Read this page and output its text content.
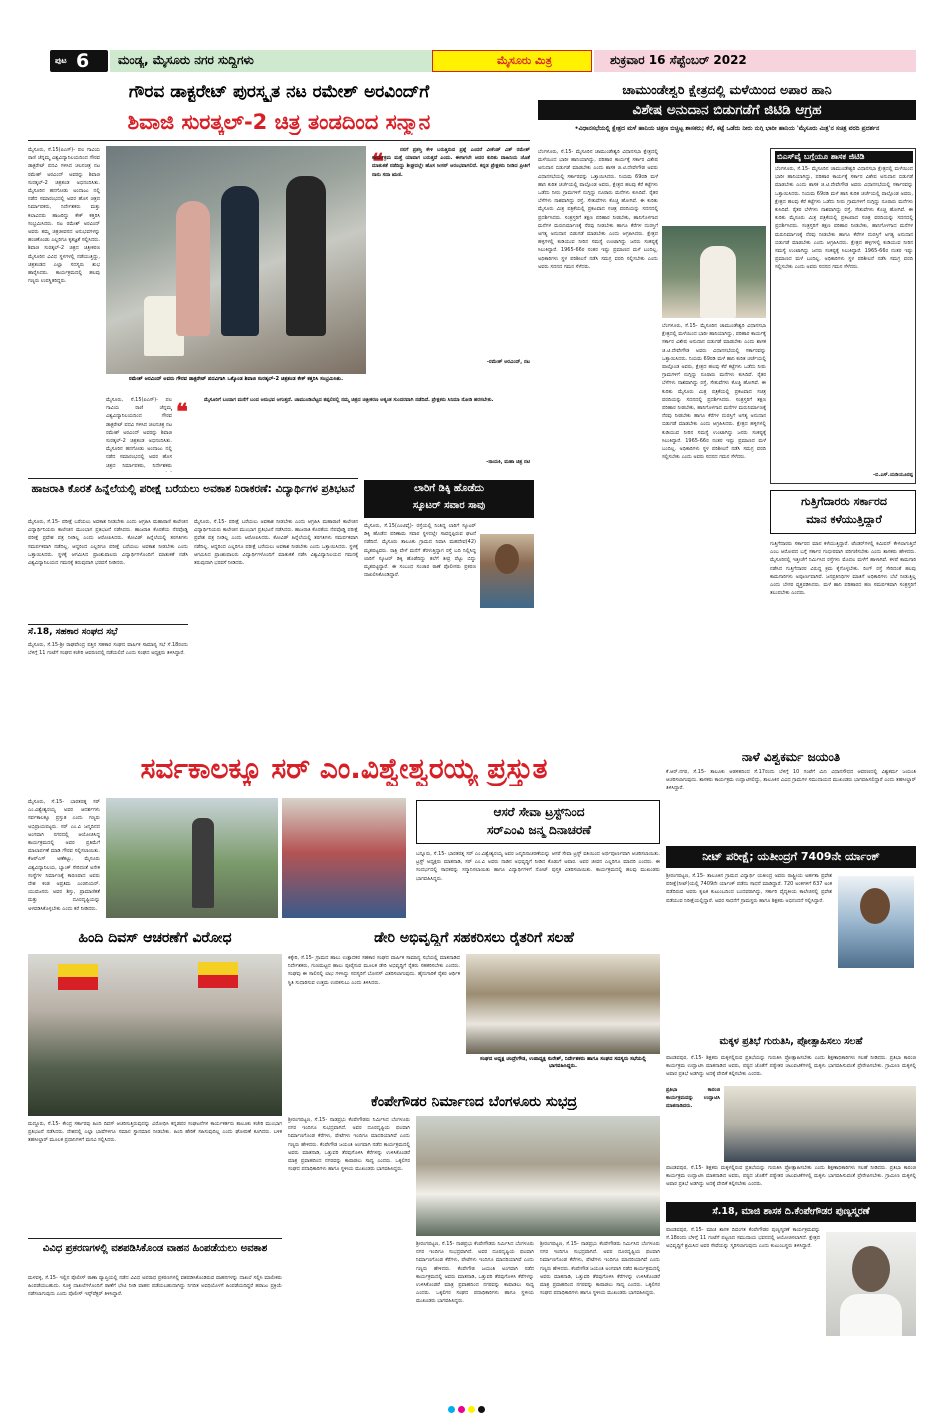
ಪುಟ 6 ಮಂಡ್ಯ, ಮೈಸೂರು ನಗರ ಸುದ್ದಿಗಳು	ಮೈಸೂರು ಮಿತ್ರ	ಶುಕ್ರವಾರ 16 ಸೆಪ್ಟೆಂಬರ್ 2022
ಗೌರವ ಡಾಕ್ಟರೇಟ್ ಪುರಸ್ಕೃತ ನಟ ರಮೇಶ್ ಅರವಿಂದ್‌ಗೆ
ಶಿವಾಜಿ ಸುರತ್ಕಲ್-2 ಚಿತ್ರ ತಂಡದಿಂದ ಸನ್ಮಾನ
ಮೈಸೂರು, ಸೆ.15(ಪಿಎಸ್)- ಪಲ ಗಾವಿಯ ರಾಣಿ ಚೆನ್ನಮ್ಮ ವಿಶ್ವವಿದ್ಯಾನಿಲಯದಿಂದ ಗೌರವ ಡಾಕ್ಟರೇಟ್ ಪದವಿ ಗಳಿಸಿದ ಚಲನಚಿತ್ರ ನಟ ರಮೇಶ್ ಅರವಿಂದ್ ಅವರನ್ನು ಶಿವಾಜಿ ಸುರತ್ಕಲ್-2 ಚಿತ್ರತಂಡ ಅಭಿನಂದಿಸಿತು. ಮೈಸೂರಿನ ಹನಗೋಡು ಅಂದಾಜು ನಲ್ಲಿ ನಡೆದ ಸಮಾರಂಭದಲ್ಲಿ ಅವರ ಹೊಸ ಚಿತ್ರದ ನಿರ್ಮಾಪಕರು, ನಿರ್ದೇಶಕರು ಮತ್ತು ಕಲಾವಿದರು ಹಾಜರಿದ್ದು ಕೇಕ್ ಕತ್ತರಿಸಿ ಸಂಭ್ರಮಿಸಿದರು. ನಟ ರಮೇಶ್ ಅರವಿಂದ್ ಅವರು ತಮ್ಮ ಚಿತ್ರಜೀವನದ ಅನುಭವಗಳನ್ನು ಹಂಚಿಕೊಂಡು ಎಲ್ಲರಿಗೂ ಕೃತಜ್ಞತೆ ಸಲ್ಲಿಸಿದರು. ಶಿವಾಜಿ ಸುರತ್ಕಲ್-2 ಚಿತ್ರದ ಚಿತ್ರೀಕರಣ ಮೈಸೂರಿನ ವಿವಿಧ ಸ್ಥಳಗಳಲ್ಲಿ ನಡೆಯುತ್ತಿದ್ದು, ಚಿತ್ರತಂಡದ ಎಲ್ಲಾ ಸದಸ್ಯರು ಶುಭ ಹಾರೈಸಿದರು. ಕಾರ್ಯಕ್ರಮದಲ್ಲಿ ಹಲವು ಗಣ್ಯರು ಉಪಸ್ಥಿತರಿದ್ದರು.
ರಮೇಶ್ ಅರವಿಂದ್ ಅವರು ಗೌರವ ಡಾಕ್ಟರೇಟ್ ಪದವಿಗಾಗಿ ಒಕ್ಕೊಂಡ ಶಿವಾಜಿ ಸುರತ್ಕಲ್-2 ಚಿತ್ರತಂಡ ಕೇಕ್ ಕತ್ತರಿಸಿ ಸಂಭ್ರಮಿಸಿತು.
❝	ನನಗೆ ಪ್ರಶಸ್ತಿ ಕೇಳಿ ಬರುತ್ತಿರುವ ಪ್ರಶ್ನೆ ಎಂದರೆ ವೀಕೆಂಡ್ ವಿತ್ ರಮೇಶ್ ಕಾರ್ಯಕ್ರಮ ಮತ್ತೆ ಯಾವಾಗ ಬರುತ್ತದೆ ಎಂದು. ಈಗಾಗಲೇ ಅದರ ಕುರಿತು ವಾಹಿನಿಯ ಜೊತೆ ಮಾತುಕತೆ ನಡೆದಿದ್ದು ಶೀಘ್ರದಲ್ಲೇ ಹೊಸ ಸೀಸನ್ ಆರಂಭವಾಗಲಿದೆ. ಕನ್ನಡ ಪ್ರೇಕ್ಷಕರು ನೀಡಿದ ಪ್ರೀತಿಗೆ ನಾನು ಸದಾ ಋಣಿ.
-ರಮೇಶ್ ಅರವಿಂದ್, ನಟ
❝	ಮೈಸೂರಿಗೆ ಬಂದಾಗ ಮನೆಗೆ ಬಂದ ಅನುಭವ ಆಗುತ್ತದೆ. ಚಾಮುಂಡಿಬೆಟ್ಟದ ತಪ್ಪಲಿನಲ್ಲಿ ನಮ್ಮ ಚಿತ್ರದ ಚಿತ್ರೀಕರಣ ಅತ್ಯಂತ ಸುಂದರವಾಗಿ ನಡೆದಿದೆ. ಪ್ರೇಕ್ಷಕರು ಸಿನಿಮಾ ನೋಡಿ ಹರಸಬೇಕು.
-ನಾಯಕಿ, ಮಹಾ ಚಿತ್ರ ನಟಿ
ಮೈಸೂರು, ಸೆ.15(ಪಿಎಸ್)- ಪಲ ಗಾವಿಯ ರಾಣಿ ಚೆನ್ನಮ್ಮ ವಿಶ್ವವಿದ್ಯಾನಿಲಯದಿಂದ ಗೌರವ ಡಾಕ್ಟರೇಟ್ ಪದವಿ ಗಳಿಸಿದ ಚಲನಚಿತ್ರ ನಟ ರಮೇಶ್ ಅರವಿಂದ್ ಅವರನ್ನು ಶಿವಾಜಿ ಸುರತ್ಕಲ್-2 ಚಿತ್ರತಂಡ ಅಭಿನಂದಿಸಿತು. ಮೈಸೂರಿನ ಹನಗೋಡು ಅಂದಾಜು ನಲ್ಲಿ ನಡೆದ ಸಮಾರಂಭದಲ್ಲಿ ಅವರ ಹೊಸ ಚಿತ್ರದ ನಿರ್ಮಾಪಕರು, ನಿರ್ದೇಶಕರು
ಚಾಮುಂಡೇಶ್ವರಿ ಕ್ಷೇತ್ರದಲ್ಲಿ ಮಳೆಯಿಂದ ಅಪಾರ ಹಾನಿ
ವಿಶೇಷ ಅನುದಾನ ಬಿಡುಗಡೆಗೆ ಜಿಟಿಡಿ ಆಗ್ರಹ
•ವಿಧಾನಸಭೆಯಲ್ಲಿ ಕ್ಷೇತ್ರದ ಮಳೆ ಹಾನಿಯ ಚಿತ್ರಣ ಬಿಚ್ಚಿಟ್ಟ ಶಾಸಕರು; ಕೆರೆ, ಕಟ್ಟೆ ಒಡೆದು ನೀರು ನುಗ್ಗಿ ಭಾರೀ ಹಾನಿಯ 'ಮೈಸೂರು ಮಿತ್ರ'ನ ಸಚಿತ್ರ ವರದಿ ಪ್ರದರ್ಶನ
ಬೆಂಗಳೂರು, ಸೆ.15- ಮೈಸೂರಿನ ಚಾಮುಂಡೇಶ್ವರಿ ವಿಧಾನಸಭಾ ಕ್ಷೇತ್ರದಲ್ಲಿ ಮಳೆಯಿಂದ ಭಾರೀ ಹಾನಿಯಾಗಿದ್ದು, ಪರಿಹಾರ ಕಾರ್ಯಕ್ಕೆ ಸರ್ಕಾರ ವಿಶೇಷ ಅನುದಾನ ಬಿಡುಗಡೆ ಮಾಡಬೇಕು ಎಂದು ಶಾಸಕ ಜಿ.ಟಿ.ದೇವೇಗೌಡ ಅವರು ವಿಧಾನಸಭೆಯಲ್ಲಿ ಸರ್ಕಾರವನ್ನು ಒತ್ತಾಯಿಸಿದರು. ನಿಯಮ 69ರಡಿ ಮಳೆ ಹಾನಿ ಕುರಿತ ಚರ್ಚೆಯಲ್ಲಿ ಪಾಲ್ಗೊಂಡ ಅವರು, ಕ್ಷೇತ್ರದ ಹಲವು ಕೆರೆ ಕಟ್ಟೆಗಳು ಒಡೆದು ನೀರು ಗ್ರಾಮಗಳಿಗೆ ನುಗ್ಗಿದ್ದು ನೂರಾರು ಮನೆಗಳು ಕುಸಿದಿವೆ. ರೈತರ ಬೆಳೆಗಳು ನಾಶವಾಗಿದ್ದು ರಸ್ತೆ, ಸೇತುವೆಗಳು ಕೊಚ್ಚಿ ಹೋಗಿವೆ. ಈ ಕುರಿತು ಮೈಸೂರು ಮಿತ್ರ ಪತ್ರಿಕೆಯಲ್ಲಿ ಪ್ರಕಟವಾದ ಸಚಿತ್ರ ವರದಿಯನ್ನು ಸದನದಲ್ಲಿ ಪ್ರದರ್ಶಿಸಿದರು. ಸಂತ್ರಸ್ತರಿಗೆ ತಕ್ಷಣ ಪರಿಹಾರ ನೀಡಬೇಕು, ಹಾನಿಗೊಳಗಾದ ಮನೆಗಳ ಮರುನಿರ್ಮಾಣಕ್ಕೆ ನೆರವು ನೀಡಬೇಕು ಹಾಗೂ ಕೆರೆಗಳ ದುರಸ್ತಿಗೆ ಅಗತ್ಯ ಅನುದಾನ ಬಿಡುಗಡೆ ಮಾಡಬೇಕು ಎಂದು ಆಗ್ರಹಿಸಿದರು. ಕ್ಷೇತ್ರದ ಹಳ್ಳಿಗಳಲ್ಲಿ ಕುಡಿಯುವ ನೀರಿನ ಸಮಸ್ಯೆ ಉಂಟಾಗಿದ್ದು ಜನರು ಸಂಕಷ್ಟಕ್ಕೆ ಸಿಲುಕಿದ್ದಾರೆ. 1965-66ರ ನಂತರ ಇಷ್ಟು ಪ್ರಮಾಣದ ಮಳೆ ಬಂದಿಲ್ಲ. ಅಧಿಕಾರಿಗಳು ಸ್ಥಳ ಪರಿಶೀಲನೆ ನಡೆಸಿ ಸಮಗ್ರ ವರದಿ ಸಲ್ಲಿಸಬೇಕು ಎಂದು ಅವರು ಸದನದ ಗಮನ ಸೆಳೆದರು.
ಬಿಎಸ್‌ವೈ ಬಗ್ಗೆಯೂ ಶಾಸಕ ಜಿಟಿಡಿ
ಬೆಂಗಳೂರು, ಸೆ.15- ಮೈಸೂರಿನ ಚಾಮುಂಡೇಶ್ವರಿ ವಿಧಾನಸಭಾ ಕ್ಷೇತ್ರದಲ್ಲಿ ಮಳೆಯಿಂದ ಭಾರೀ ಹಾನಿಯಾಗಿದ್ದು, ಪರಿಹಾರ ಕಾರ್ಯಕ್ಕೆ ಸರ್ಕಾರ ವಿಶೇಷ ಅನುದಾನ ಬಿಡುಗಡೆ ಮಾಡಬೇಕು ಎಂದು ಶಾಸಕ ಜಿ.ಟಿ.ದೇವೇಗೌಡ ಅವರು ವಿಧಾನಸಭೆಯಲ್ಲಿ ಸರ್ಕಾರವನ್ನು ಒತ್ತಾಯಿಸಿದರು. ನಿಯಮ 69ರಡಿ ಮಳೆ ಹಾನಿ ಕುರಿತ ಚರ್ಚೆಯಲ್ಲಿ ಪಾಲ್ಗೊಂಡ ಅವರು, ಕ್ಷೇತ್ರದ ಹಲವು ಕೆರೆ ಕಟ್ಟೆಗಳು ಒಡೆದು ನೀರು ಗ್ರಾಮಗಳಿಗೆ ನುಗ್ಗಿದ್ದು ನೂರಾರು ಮನೆಗಳು ಕುಸಿದಿವೆ. ರೈತರ ಬೆಳೆಗಳು ನಾಶವಾಗಿದ್ದು ರಸ್ತೆ, ಸೇತುವೆಗಳು ಕೊಚ್ಚಿ ಹೋಗಿವೆ. ಈ ಕುರಿತು ಮೈಸೂರು ಮಿತ್ರ ಪತ್ರಿಕೆಯಲ್ಲಿ ಪ್ರಕಟವಾದ ಸಚಿತ್ರ ವರದಿಯನ್ನು ಸದನದಲ್ಲಿ ಪ್ರದರ್ಶಿಸಿದರು. ಸಂತ್ರಸ್ತರಿಗೆ ತಕ್ಷಣ ಪರಿಹಾರ ನೀಡಬೇಕು, ಹಾನಿಗೊಳಗಾದ ಮನೆಗಳ ಮರುನಿರ್ಮಾಣಕ್ಕೆ ನೆರವು ನೀಡಬೇಕು ಹಾಗೂ ಕೆರೆಗಳ ದುರಸ್ತಿಗೆ ಅಗತ್ಯ ಅನುದಾನ ಬಿಡುಗಡೆ ಮಾಡಬೇಕು ಎಂದು ಆಗ್ರಹಿಸಿದರು. ಕ್ಷೇತ್ರದ ಹಳ್ಳಿಗಳಲ್ಲಿ ಕುಡಿಯುವ ನೀರಿನ ಸಮಸ್ಯೆ ಉಂಟಾಗಿದ್ದು ಜನರು ಸಂಕಷ್ಟಕ್ಕೆ ಸಿಲುಕಿದ್ದಾರೆ. 1965-66ರ ನಂತರ ಇಷ್ಟು ಪ್ರಮಾಣದ ಮಳೆ ಬಂದಿಲ್ಲ. ಅಧಿಕಾರಿಗಳು ಸ್ಥಳ ಪರಿಶೀಲನೆ ನಡೆಸಿ ಸಮಗ್ರ ವರದಿ ಸಲ್ಲಿಸಬೇಕು ಎಂದು ಅವರು ಸದನದ ಗಮನ ಸೆಳೆದರು.
-ಬಿ.ಎಸ್.ಯಡಿಯೂರಪ್ಪ
ಬೆಂಗಳೂರು, ಸೆ.15- ಮೈಸೂರಿನ ಚಾಮುಂಡೇಶ್ವರಿ ವಿಧಾನಸಭಾ ಕ್ಷೇತ್ರದಲ್ಲಿ ಮಳೆಯಿಂದ ಭಾರೀ ಹಾನಿಯಾಗಿದ್ದು, ಪರಿಹಾರ ಕಾರ್ಯಕ್ಕೆ ಸರ್ಕಾರ ವಿಶೇಷ ಅನುದಾನ ಬಿಡುಗಡೆ ಮಾಡಬೇಕು ಎಂದು ಶಾಸಕ ಜಿ.ಟಿ.ದೇವೇಗೌಡ ಅವರು ವಿಧಾನಸಭೆಯಲ್ಲಿ ಸರ್ಕಾರವನ್ನು ಒತ್ತಾಯಿಸಿದರು. ನಿಯಮ 69ರಡಿ ಮಳೆ ಹಾನಿ ಕುರಿತ ಚರ್ಚೆಯಲ್ಲಿ ಪಾಲ್ಗೊಂಡ ಅವರು, ಕ್ಷೇತ್ರದ ಹಲವು ಕೆರೆ ಕಟ್ಟೆಗಳು ಒಡೆದು ನೀರು ಗ್ರಾಮಗಳಿಗೆ ನುಗ್ಗಿದ್ದು ನೂರಾರು ಮನೆಗಳು ಕುಸಿದಿವೆ. ರೈತರ ಬೆಳೆಗಳು ನಾಶವಾಗಿದ್ದು ರಸ್ತೆ, ಸೇತುವೆಗಳು ಕೊಚ್ಚಿ ಹೋಗಿವೆ. ಈ ಕುರಿತು ಮೈಸೂರು ಮಿತ್ರ ಪತ್ರಿಕೆಯಲ್ಲಿ ಪ್ರಕಟವಾದ ಸಚಿತ್ರ ವರದಿಯನ್ನು ಸದನದಲ್ಲಿ ಪ್ರದರ್ಶಿಸಿದರು. ಸಂತ್ರಸ್ತರಿಗೆ ತಕ್ಷಣ ಪರಿಹಾರ ನೀಡಬೇಕು, ಹಾನಿಗೊಳಗಾದ ಮನೆಗಳ ಮರುನಿರ್ಮಾಣಕ್ಕೆ ನೆರವು ನೀಡಬೇಕು ಹಾಗೂ ಕೆರೆಗಳ ದುರಸ್ತಿಗೆ ಅಗತ್ಯ ಅನುದಾನ ಬಿಡುಗಡೆ ಮಾಡಬೇಕು ಎಂದು ಆಗ್ರಹಿಸಿದರು. ಕ್ಷೇತ್ರದ ಹಳ್ಳಿಗಳಲ್ಲಿ ಕುಡಿಯುವ ನೀರಿನ ಸಮಸ್ಯೆ ಉಂಟಾಗಿದ್ದು ಜನರು ಸಂಕಷ್ಟಕ್ಕೆ ಸಿಲುಕಿದ್ದಾರೆ. 1965-66ರ ನಂತರ ಇಷ್ಟು ಪ್ರಮಾಣದ ಮಳೆ ಬಂದಿಲ್ಲ. ಅಧಿಕಾರಿಗಳು ಸ್ಥಳ ಪರಿಶೀಲನೆ ನಡೆಸಿ ಸಮಗ್ರ ವರದಿ ಸಲ್ಲಿಸಬೇಕು ಎಂದು ಅವರು ಸದನದ ಗಮನ ಸೆಳೆದರು.
ಗುತ್ತಿಗೆದಾರರು ಸರ್ಕಾರದ
ಮಾನ ಕಳೆಯುತ್ತಿದ್ದಾರೆ
ಗುತ್ತಿಗೆದಾರರು ಸರ್ಕಾರದ ಮಾನ ಕಳೆಯುತ್ತಿದ್ದಾರೆ. ಟೆಂಡರ್‌ಗಳಲ್ಲಿ ಕಮಿಷನ್ ಕೇಳಲಾಗುತ್ತಿದೆ ಎಂಬ ಆರೋಪದ ಬಗ್ಗೆ ಸರ್ಕಾರ ಗಂಭೀರವಾಗಿ ಪರಿಗಣಿಸಬೇಕು ಎಂದು ಶಾಸಕರು ಹೇಳಿದರು. ಮೈಸೂರಿನಲ್ಲಿ ಇತ್ತೀಚೆಗೆ ನಿರ್ಮಿಸಿದ ರಸ್ತೆಗಳು ಮೊದಲ ಮಳೆಗೆ ಹಾಳಾಗಿವೆ. ಕಳಪೆ ಕಾಮಗಾರಿ ನಡೆಸಿದ ಗುತ್ತಿಗೆದಾರರ ವಿರುದ್ಧ ಕ್ರಮ ಕೈಗೊಳ್ಳಬೇಕು. ರಿಂಗ್ ರಸ್ತೆ ಸೇರಿದಂತೆ ಹಲವು ಕಾಮಗಾರಿಗಳು ಅಪೂರ್ಣವಾಗಿವೆ. ಜನಪ್ರತಿನಿಧಿಗಳ ಮಾತಿಗೆ ಅಧಿಕಾರಿಗಳು ಬೆಲೆ ನೀಡುತ್ತಿಲ್ಲ ಎಂದು ಬೇಸರ ವ್ಯಕ್ತಪಡಿಸಿದರು. ಮಳೆ ಹಾನಿ ಪರಿಹಾರದ ಹಣ ಸಮರ್ಪಕವಾಗಿ ಸಂತ್ರಸ್ತರಿಗೆ ತಲುಪಬೇಕು ಎಂದರು.
ಹಾಜರಾತಿ ಕೊರತೆ ಹಿನ್ನೆಲೆಯಲ್ಲಿ ಪರೀಕ್ಷೆ ಬರೆಯಲು ಅವಕಾಶ ನಿರಾಕರಣೆ: ವಿದ್ಯಾರ್ಥಿಗಳ ಪ್ರತಿಭಟನೆ
ಮೈಸೂರು, ಸೆ.15- ಪರೀಕ್ಷೆ ಬರೆಯಲು ಅವಕಾಶ ನೀಡಬೇಕು ಎಂದು ಆಗ್ರಹಿಸಿ ಮಹಾರಾಣಿ ಕಾಲೇಜಿನ ವಿದ್ಯಾರ್ಥಿನಿಯರು ಕಾಲೇಜಿನ ಮುಂಭಾಗ ಪ್ರತಿಭಟನೆ ನಡೆಸಿದರು. ಹಾಜರಾತಿ ಕೊರತೆಯ ನೆಪವೊಡ್ಡಿ ಪರೀಕ್ಷೆ ಪ್ರವೇಶ ಪತ್ರ ನೀಡಿಲ್ಲ ಎಂದು ಆರೋಪಿಸಿದರು. ಕೋವಿಡ್ ಹಿನ್ನೆಲೆಯಲ್ಲಿ ತರಗತಿಗಳು ಸಮರ್ಪಕವಾಗಿ ನಡೆದಿಲ್ಲ. ಆದ್ದರಿಂದ ಎಲ್ಲರಿಗೂ ಪರೀಕ್ಷೆ ಬರೆಯಲು ಅವಕಾಶ ನೀಡಬೇಕು ಎಂದು ಒತ್ತಾಯಿಸಿದರು. ಸ್ಥಳಕ್ಕೆ ಆಗಮಿಸಿದ ಪ್ರಾಂಶುಪಾಲರು ವಿದ್ಯಾರ್ಥಿಗಳೊಂದಿಗೆ ಮಾತುಕತೆ ನಡೆಸಿ ವಿಶ್ವವಿದ್ಯಾನಿಲಯದ ಗಮನಕ್ಕೆ ತರುವುದಾಗಿ ಭರವಸೆ ನೀಡಿದರು.
ಮೈಸೂರು, ಸೆ.15- ಪರೀಕ್ಷೆ ಬರೆಯಲು ಅವಕಾಶ ನೀಡಬೇಕು ಎಂದು ಆಗ್ರಹಿಸಿ ಮಹಾರಾಣಿ ಕಾಲೇಜಿನ ವಿದ್ಯಾರ್ಥಿನಿಯರು ಕಾಲೇಜಿನ ಮುಂಭಾಗ ಪ್ರತಿಭಟನೆ ನಡೆಸಿದರು. ಹಾಜರಾತಿ ಕೊರತೆಯ ನೆಪವೊಡ್ಡಿ ಪರೀಕ್ಷೆ ಪ್ರವೇಶ ಪತ್ರ ನೀಡಿಲ್ಲ ಎಂದು ಆರೋಪಿಸಿದರು. ಕೋವಿಡ್ ಹಿನ್ನೆಲೆಯಲ್ಲಿ ತರಗತಿಗಳು ಸಮರ್ಪಕವಾಗಿ ನಡೆದಿಲ್ಲ. ಆದ್ದರಿಂದ ಎಲ್ಲರಿಗೂ ಪರೀಕ್ಷೆ ಬರೆಯಲು ಅವಕಾಶ ನೀಡಬೇಕು ಎಂದು ಒತ್ತಾಯಿಸಿದರು. ಸ್ಥಳಕ್ಕೆ ಆಗಮಿಸಿದ ಪ್ರಾಂಶುಪಾಲರು ವಿದ್ಯಾರ್ಥಿಗಳೊಂದಿಗೆ ಮಾತುಕತೆ ನಡೆಸಿ ವಿಶ್ವವಿದ್ಯಾನಿಲಯದ ಗಮನಕ್ಕೆ ತರುವುದಾಗಿ ಭರವಸೆ ನೀಡಿದರು.
ಸೆ.18, ಸಹಕಾರ ಸಂಘದ ಸಭೆ
ಮೈಸೂರು, ಸೆ.15-ಶ್ರೀ ರಾಘವೇಂದ್ರ ಪತ್ತಿನ ಸಹಕಾರ ಸಂಘದ ವಾರ್ಷಿಕ ಸಾಮಾನ್ಯ ಸಭೆ ಸೆ.18ರಂದು ಬೆಳಿಗ್ಗೆ 11 ಗಂಟೆಗೆ ಸಂಘದ ಕಚೇರಿ ಆವರಣದಲ್ಲಿ ನಡೆಯಲಿದೆ ಎಂದು ಸಂಘದ ಅಧ್ಯಕ್ಷರು ತಿಳಿಸಿದ್ದಾರೆ.
ಲಾರಿಗೆ ಡಿಕ್ಕಿ ಹೊಡೆದು
ಸ್ಕೂಟರ್ ಸವಾರ ಸಾವು
ಮೈಸೂರು, ಸೆ.15(ಎಂಟಿವೈ)- ರಸ್ತೆಯಲ್ಲಿ ನಿಂತಿದ್ದ ಲಾರಿಗೆ ಸ್ಕೂಟರ್ ಡಿಕ್ಕಿ ಹೊಡೆದ ಪರಿಣಾಮ ಸವಾರ ಸ್ಥಳದಲ್ಲೇ ಸಾವನ್ನಪ್ಪಿರುವ ಘಟನೆ ನಡೆದಿದೆ. ಮೈಸೂರು ತಾಲೂಕು ಗ್ರಾಮದ ನಿವಾಸಿ ಮಹದೇವ(42) ಮೃತಪಟ್ಟವರು. ರಾತ್ರಿ ವೇಳೆ ಮನೆಗೆ ತೆರಳುತ್ತಿದ್ದಾಗ ರಸ್ತೆ ಬದಿ ನಿಲ್ಲಿಸಿದ್ದ ಲಾರಿಗೆ ಸ್ಕೂಟರ್ ಡಿಕ್ಕಿ ಹೊಡೆದಿದ್ದು ತಲೆಗೆ ತೀವ್ರ ಪೆಟ್ಟು ಬಿದ್ದು ಮೃತಪಟ್ಟಿದ್ದಾರೆ. ಈ ಸಂಬಂಧ ಸಂಚಾರ ಠಾಣೆ ಪೊಲೀಸರು ಪ್ರಕರಣ ದಾಖಲಿಸಿಕೊಂಡಿದ್ದಾರೆ.
ಸರ್ವಕಾಲಕ್ಕೂ ಸರ್ ಎಂ.ವಿಶ್ವೇಶ್ವರಯ್ಯ ಪ್ರಸ್ತುತ
ಮೈಸೂರು, ಸೆ.15- ಭಾರತರತ್ನ ಸರ್ ಎಂ.ವಿಶ್ವೇಶ್ವರಯ್ಯ ಅವರ ಆದರ್ಶಗಳು ಸರ್ವಕಾಲಕ್ಕೂ ಪ್ರಸ್ತುತ ಎಂದು ಗಣ್ಯರು ಅಭಿಪ್ರಾಯಪಟ್ಟರು. ಸರ್ ಎಂ.ವಿ ಜನ್ಮದಿನದ ಅಂಗವಾಗಿ ನಗರದಲ್ಲಿ ಆಯೋಜಿಸಿದ್ದ ಕಾರ್ಯಕ್ರಮದಲ್ಲಿ ಅವರ ಪ್ರತಿಮೆಗೆ ಮಾಲಾರ್ಪಣೆ ಮಾಡಿ ಗೌರವ ಸಲ್ಲಿಸಲಾಯಿತು. ಕೆಆರ್‌ಎಸ್ ಅಣೆಕಟ್ಟು, ಮೈಸೂರು ವಿಶ್ವವಿದ್ಯಾನಿಲಯ, ಬ್ಯಾಂಕ್ ಸೇರಿದಂತೆ ಅನೇಕ ಸಂಸ್ಥೆಗಳ ನಿರ್ಮಾಣಕ್ಕೆ ಕಾರಣರಾದ ಅವರು ದೇಶ ಕಂಡ ಅಪ್ರತಿಮ ಎಂಜಿನಿಯರ್. ಯುವಜನರು ಅವರ ಶಿಸ್ತು, ಪ್ರಾಮಾಣಿಕತೆ ಮತ್ತು ದೂರದೃಷ್ಟಿಯನ್ನು ಅಳವಡಿಸಿಕೊಳ್ಳಬೇಕು ಎಂದು ಕರೆ ನೀಡಿದರು.
ಆಸರೆ ಸೇವಾ ಟ್ರಸ್ಟ್‌ನಿಂದ
ಸರ್‌ಎಂವಿ ಜನ್ಮ ದಿನಾಚರಣೆ
ಬನ್ನೂರು, ಸೆ.15- ಭಾರತರತ್ನ ಸರ್ ಎಂ.ವಿಶ್ವೇಶ್ವರಯ್ಯ ಅವರ ಜನ್ಮದಿನಾಚರಣೆಯನ್ನು ಆಸರೆ ಸೇವಾ ಟ್ರಸ್ಟ್ ವತಿಯಿಂದ ಅರ್ಥಪೂರ್ಣವಾಗಿ ಆಚರಿಸಲಾಯಿತು. ಟ್ರಸ್ಟ್ ಅಧ್ಯಕ್ಷರು ಮಾತನಾಡಿ, ಸರ್ ಎಂ.ವಿ ಅವರು ನಾಡಿನ ಅಭಿವೃದ್ಧಿಗೆ ನೀಡಿದ ಕೊಡುಗೆ ಅಪಾರ. ಅವರ ಜೀವನ ಎಲ್ಲರಿಗೂ ಮಾದರಿ ಎಂದರು. ಈ ಸಂದರ್ಭದಲ್ಲಿ ಸಾಧಕರನ್ನು ಸನ್ಮಾನಿಸಲಾಯಿತು ಹಾಗೂ ವಿದ್ಯಾರ್ಥಿಗಳಿಗೆ ನೋಟ್ ಪುಸ್ತಕ ವಿತರಿಸಲಾಯಿತು. ಕಾರ್ಯಕ್ರಮದಲ್ಲಿ ಹಲವು ಮುಖಂಡರು ಭಾಗವಹಿಸಿದ್ದರು.
ನಾಳೆ ವಿಶ್ವಕರ್ಮ ಜಯಂತಿ
ಕೆ.ಆರ್.ನಗರ, ಸೆ.15- ತಾಲೂಕು ಆಡಳಿತದಿಂದ ಸೆ.17ರಂದು ಬೆಳಿಗ್ಗೆ 10 ಗಂಟೆಗೆ ಮಿನಿ ವಿಧಾನಸೌಧದ ಆವರಣದಲ್ಲಿ ವಿಶ್ವಕರ್ಮ ಜಯಂತಿ ಆಚರಿಸಲಾಗುವುದು. ಶಾಸಕರು ಕಾರ್ಯಕ್ರಮ ಉದ್ಘಾಟಿಸಲಿದ್ದು, ತಾಲೂಕಿನ ವಿವಿಧ ಗ್ರಾಮಗಳ ಸಮುದಾಯದ ಮುಖಂಡರು ಭಾಗವಹಿಸಲಿದ್ದಾರೆ ಎಂದು ತಹಸೀಲ್ದಾರ್ ತಿಳಿಸಿದ್ದಾರೆ.
ನೀಟ್ ಪರೀಕ್ಷೆ; ಯತೀಂದ್ರಗೆ 7409ನೇ ರ್ಯಾಂಕ್
ಶ್ರೀರಂಗಪಟ್ಟಣ, ಸೆ.15- ತಾಲೂಕಿನ ಗ್ರಾಮದ ವಿದ್ಯಾರ್ಥಿ ಯತೀಂದ್ರ ಅವರು ರಾಷ್ಟ್ರೀಯ ಅರ್ಹತಾ ಪ್ರವೇಶ ಪರೀಕ್ಷೆ(ನೀಟ್)ಯಲ್ಲಿ 7409ನೇ ರ್ಯಾಂಕ್ ಪಡೆದು ಸಾಧನೆ ಮಾಡಿದ್ದಾರೆ. 720 ಅಂಕಗಳಿಗೆ 637 ಅಂಕ ಪಡೆದಿರುವ ಅವರು ಕೃಷಿಕ ಕುಟುಂಬದಿಂದ ಬಂದವರಾಗಿದ್ದು, ಸರ್ಕಾರಿ ವೈದ್ಯಕೀಯ ಕಾಲೇಜಿನಲ್ಲಿ ಪ್ರವೇಶ ಪಡೆಯುವ ನಿರೀಕ್ಷೆಯಲ್ಲಿದ್ದಾರೆ. ಅವರ ಸಾಧನೆಗೆ ಗ್ರಾಮಸ್ಥರು ಹಾಗೂ ಶಿಕ್ಷಕರು ಅಭಿನಂದನೆ ಸಲ್ಲಿಸಿದ್ದಾರೆ.
ಹಿಂದಿ ದಿವಸ್ ಆಚರಣೆಗೆ ವಿರೋಧ
ಮದ್ದೂರು, ಸೆ.15- ಕೇಂದ್ರ ಸರ್ಕಾರವು ಹಿಂದಿ ದಿವಸ್ ಆಚರಿಸುತ್ತಿರುವುದನ್ನು ವಿರೋಧಿಸಿ ಕನ್ನಡಪರ ಸಂಘಟನೆಗಳ ಕಾರ್ಯಕರ್ತರು ತಾಲೂಕು ಕಚೇರಿ ಮುಂಭಾಗ ಪ್ರತಿಭಟನೆ ನಡೆಸಿದರು. ದೇಶದಲ್ಲಿ ಎಲ್ಲಾ ಭಾಷೆಗಳಿಗೂ ಸಮಾನ ಸ್ಥಾನಮಾನ ನೀಡಬೇಕು. ಹಿಂದಿ ಹೇರಿಕೆ ಸಹಿಸುವುದಿಲ್ಲ ಎಂದು ಘೋಷಣೆ ಕೂಗಿದರು. ಬಳಿಕ ತಹಸೀಲ್ದಾರ್ ಮೂಲಕ ಪ್ರಧಾನಿಗಳಿಗೆ ಮನವಿ ಸಲ್ಲಿಸಿದರು.
ಡೇರಿ ಅಭಿವೃದ್ಧಿಗೆ ಸಹಕರಿಸಲು ರೈತರಿಗೆ ಸಲಹೆ
ಕಿಕ್ಕೇರಿ, ಸೆ.15- ಗ್ರಾಮದ ಹಾಲು ಉತ್ಪಾದಕರ ಸಹಕಾರ ಸಂಘದ ವಾರ್ಷಿಕ ಸಾಮಾನ್ಯ ಸಭೆಯಲ್ಲಿ ಮಾತನಾಡಿದ ನಿರ್ದೇಶಕರು, ಗುಣಮಟ್ಟದ ಹಾಲು ಪೂರೈಸುವ ಮೂಲಕ ಡೇರಿ ಅಭಿವೃದ್ಧಿಗೆ ರೈತರು ಸಹಕರಿಸಬೇಕು ಎಂದರು. ಸಂಘವು ಈ ಸಾಲಿನಲ್ಲಿ ಲಾಭ ಗಳಿಸಿದ್ದು ಸದಸ್ಯರಿಗೆ ಬೋನಸ್ ವಿತರಿಸಲಾಗುವುದು. ಹೈನುಗಾರಿಕೆ ರೈತರ ಆರ್ಥಿಕ ಸ್ಥಿತಿ ಸುಧಾರಿಸುವ ಉತ್ತಮ ಉಪಕಸುಬು ಎಂದು ತಿಳಿಸಿದರು.
ಸಂಘದ ಅಧ್ಯಕ್ಷ ಚಂದ್ರೇಗೌಡ, ಉಪಾಧ್ಯಕ್ಷ ಸುರೇಶ್, ನಿರ್ದೇಶಕರು ಹಾಗೂ ಸಂಘದ ಸದಸ್ಯರು ಸಭೆಯಲ್ಲಿ ಭಾಗವಹಿಸಿದ್ದರು.
ಕೆಂಪೇಗೌಡರ ನಿರ್ಮಾಣದ ಬೆಂಗಳೂರು ಸುಭದ್ರ
ಶ್ರೀರಂಗಪಟ್ಟಣ, ಸೆ.15- ನಾಡಪ್ರಭು ಕೆಂಪೇಗೌಡರು ನಿರ್ಮಿಸಿದ ಬೆಂಗಳೂರು ನಗರ ಇಂದಿಗೂ ಸುಭದ್ರವಾಗಿದೆ. ಅವರ ದೂರದೃಷ್ಟಿಯ ಫಲವಾಗಿ ನಿರ್ಮಾಣಗೊಂಡ ಕೆರೆಗಳು, ಪೇಟೆಗಳು ಇಂದಿಗೂ ಮಾದರಿಯಾಗಿವೆ ಎಂದು ಗಣ್ಯರು ಹೇಳಿದರು. ಕೆಂಪೇಗೌಡ ಜಯಂತಿ ಅಂಗವಾಗಿ ನಡೆದ ಕಾರ್ಯಕ್ರಮದಲ್ಲಿ ಅವರು ಮಾತನಾಡಿ, ಒತ್ತುವರಿ ತೆರವುಗೊಳಿಸಿ ಕೆರೆಗಳನ್ನು ಉಳಿಸಿಕೊಂಡರೆ ಮಾತ್ರ ಪ್ರವಾಹದಿಂದ ನಗರವನ್ನು ಕಾಪಾಡಲು ಸಾಧ್ಯ ಎಂದರು. ಒಕ್ಕಲಿಗರ ಸಂಘದ ಪದಾಧಿಕಾರಿಗಳು ಹಾಗೂ ಸ್ಥಳೀಯ ಮುಖಂಡರು ಭಾಗವಹಿಸಿದ್ದರು.
ಶ್ರೀರಂಗಪಟ್ಟಣ, ಸೆ.15- ನಾಡಪ್ರಭು ಕೆಂಪೇಗೌಡರು ನಿರ್ಮಿಸಿದ ಬೆಂಗಳೂರು ನಗರ ಇಂದಿಗೂ ಸುಭದ್ರವಾಗಿದೆ. ಅವರ ದೂರದೃಷ್ಟಿಯ ಫಲವಾಗಿ ನಿರ್ಮಾಣಗೊಂಡ ಕೆರೆಗಳು, ಪೇಟೆಗಳು ಇಂದಿಗೂ ಮಾದರಿಯಾಗಿವೆ ಎಂದು ಗಣ್ಯರು ಹೇಳಿದರು. ಕೆಂಪೇಗೌಡ ಜಯಂತಿ ಅಂಗವಾಗಿ ನಡೆದ ಕಾರ್ಯಕ್ರಮದಲ್ಲಿ ಅವರು ಮಾತನಾಡಿ, ಒತ್ತುವರಿ ತೆರವುಗೊಳಿಸಿ ಕೆರೆಗಳನ್ನು ಉಳಿಸಿಕೊಂಡರೆ ಮಾತ್ರ ಪ್ರವಾಹದಿಂದ ನಗರವನ್ನು ಕಾಪಾಡಲು ಸಾಧ್ಯ ಎಂದರು. ಒಕ್ಕಲಿಗರ ಸಂಘದ ಪದಾಧಿಕಾರಿಗಳು ಹಾಗೂ ಸ್ಥಳೀಯ ಮುಖಂಡರು ಭಾಗವಹಿಸಿದ್ದರು.
ಶ್ರೀರಂಗಪಟ್ಟಣ, ಸೆ.15- ನಾಡಪ್ರಭು ಕೆಂಪೇಗೌಡರು ನಿರ್ಮಿಸಿದ ಬೆಂಗಳೂರು ನಗರ ಇಂದಿಗೂ ಸುಭದ್ರವಾಗಿದೆ. ಅವರ ದೂರದೃಷ್ಟಿಯ ಫಲವಾಗಿ ನಿರ್ಮಾಣಗೊಂಡ ಕೆರೆಗಳು, ಪೇಟೆಗಳು ಇಂದಿಗೂ ಮಾದರಿಯಾಗಿವೆ ಎಂದು ಗಣ್ಯರು ಹೇಳಿದರು. ಕೆಂಪೇಗೌಡ ಜಯಂತಿ ಅಂಗವಾಗಿ ನಡೆದ ಕಾರ್ಯಕ್ರಮದಲ್ಲಿ ಅವರು ಮಾತನಾಡಿ, ಒತ್ತುವರಿ ತೆರವುಗೊಳಿಸಿ ಕೆರೆಗಳನ್ನು ಉಳಿಸಿಕೊಂಡರೆ ಮಾತ್ರ ಪ್ರವಾಹದಿಂದ ನಗರವನ್ನು ಕಾಪಾಡಲು ಸಾಧ್ಯ ಎಂದರು. ಒಕ್ಕಲಿಗರ ಸಂಘದ ಪದಾಧಿಕಾರಿಗಳು ಹಾಗೂ ಸ್ಥಳೀಯ ಮುಖಂಡರು ಭಾಗವಹಿಸಿದ್ದರು.
ಮಕ್ಕಳ ಪ್ರತಿಭೆ ಗುರುತಿಸಿ, ಪ್ರೋತ್ಸಾಹಿಸಲು ಸಲಹೆ
ಪಾಂಡವಪುರ, ಸೆ.15- ಶಿಕ್ಷಕರು ಮಕ್ಕಳಲ್ಲಿರುವ ಪ್ರತಿಭೆಯನ್ನು ಗುರುತಿಸಿ ಪ್ರೋತ್ಸಾಹಿಸಬೇಕು ಎಂದು ಶಿಕ್ಷಣಾಧಿಕಾರಿಗಳು ಸಲಹೆ ನೀಡಿದರು. ಪ್ರತಿಭಾ ಕಾರಂಜಿ ಕಾರ್ಯಕ್ರಮ ಉದ್ಘಾಟಿಸಿ ಮಾತನಾಡಿದ ಅವರು, ಪಠ್ಯದ ಜೊತೆಗೆ ಪಠ್ಯೇತರ ಚಟುವಟಿಕೆಗಳಲ್ಲಿ ಮಕ್ಕಳು ಭಾಗವಹಿಸುವಂತೆ ಪ್ರೇರೇಪಿಸಬೇಕು. ಗ್ರಾಮೀಣ ಮಕ್ಕಳಲ್ಲಿ ಅಪಾರ ಪ್ರತಿಭೆ ಅಡಗಿದ್ದು ಅದಕ್ಕೆ ವೇದಿಕೆ ಕಲ್ಪಿಸಬೇಕು ಎಂದರು.
ಪ್ರತಿಭಾ ಕಾರಂಜಿ ಕಾರ್ಯಕ್ರಮವನ್ನು ಉದ್ಘಾಟಿಸಿ ಮಾತನಾಡಿದರು.
ಪಾಂಡವಪುರ, ಸೆ.15- ಶಿಕ್ಷಕರು ಮಕ್ಕಳಲ್ಲಿರುವ ಪ್ರತಿಭೆಯನ್ನು ಗುರುತಿಸಿ ಪ್ರೋತ್ಸಾಹಿಸಬೇಕು ಎಂದು ಶಿಕ್ಷಣಾಧಿಕಾರಿಗಳು ಸಲಹೆ ನೀಡಿದರು. ಪ್ರತಿಭಾ ಕಾರಂಜಿ ಕಾರ್ಯಕ್ರಮ ಉದ್ಘಾಟಿಸಿ ಮಾತನಾಡಿದ ಅವರು, ಪಠ್ಯದ ಜೊತೆಗೆ ಪಠ್ಯೇತರ ಚಟುವಟಿಕೆಗಳಲ್ಲಿ ಮಕ್ಕಳು ಭಾಗವಹಿಸುವಂತೆ ಪ್ರೇರೇಪಿಸಬೇಕು. ಗ್ರಾಮೀಣ ಮಕ್ಕಳಲ್ಲಿ ಅಪಾರ ಪ್ರತಿಭೆ ಅಡಗಿದ್ದು ಅದಕ್ಕೆ ವೇದಿಕೆ ಕಲ್ಪಿಸಬೇಕು ಎಂದರು.
ಸೆ.18, ಮಾಜಿ ಶಾಸಕ ದಿ.ಕೆಂಪೇಗೌಡರ ಪುಣ್ಯಸ್ಮರಣೆ
ಪಾಂಡವಪುರ, ಸೆ.15- ಮಾಜಿ ಶಾಸಕ ದಿವಂಗತ ಕೆಂಪೇಗೌಡರ ಪುಣ್ಯಸ್ಮರಣೆ ಕಾರ್ಯಕ್ರಮವನ್ನು ಸೆ.18ರಂದು ಬೆಳಿಗ್ಗೆ 11 ಗಂಟೆಗೆ ಪಟ್ಟಣದ ಸಮುದಾಯ ಭವನದಲ್ಲಿ ಆಯೋಜಿಸಲಾಗಿದೆ. ಕ್ಷೇತ್ರದ ಅಭಿವೃದ್ಧಿಗೆ ಶ್ರಮಿಸಿದ ಅವರ ಸೇವೆಯನ್ನು ಸ್ಮರಿಸಲಾಗುವುದು ಎಂದು ಕುಟುಂಬಸ್ಥರು ತಿಳಿಸಿದ್ದಾರೆ.
ವಿವಿಧ ಪ್ರಕರಣಗಳಲ್ಲಿ ವಶಪಡಿಸಿಕೊಂಡ ವಾಹನ ಹಿಂಪಡೆಯಲು ಅವಕಾಶ
ಮಳವಳ್ಳಿ, ಸೆ.15- ಇಲ್ಲಿನ ಪೊಲೀಸ್ ಠಾಣಾ ವ್ಯಾಪ್ತಿಯಲ್ಲಿ ನಡೆದ ವಿವಿಧ ಅಪರಾಧ ಪ್ರಕರಣಗಳಲ್ಲಿ ವಶಪಡಿಸಿಕೊಂಡಿರುವ ವಾಹನಗಳನ್ನು ದಾಖಲೆ ಸಲ್ಲಿಸಿ ಮಾಲೀಕರು ಹಿಂಪಡೆಯಬಹುದು. ಸೂಕ್ತ ದಾಖಲೆಗಳೊಂದಿಗೆ ಠಾಣೆಗೆ ಭೇಟಿ ನೀಡಿ ವಾಹನ ಪಡೆಯಬಹುದಾಗಿದ್ದು ನಿಗದಿತ ಅವಧಿಯೊಳಗೆ ಹಿಂಪಡೆಯದಿದ್ದರೆ ಹರಾಜು ಪ್ರಕ್ರಿಯೆ ನಡೆಸಲಾಗುವುದು ಎಂದು ಪೊಲೀಸ್ ಇನ್ಸ್‌ಪೆಕ್ಟರ್ ತಿಳಿಸಿದ್ದಾರೆ.
